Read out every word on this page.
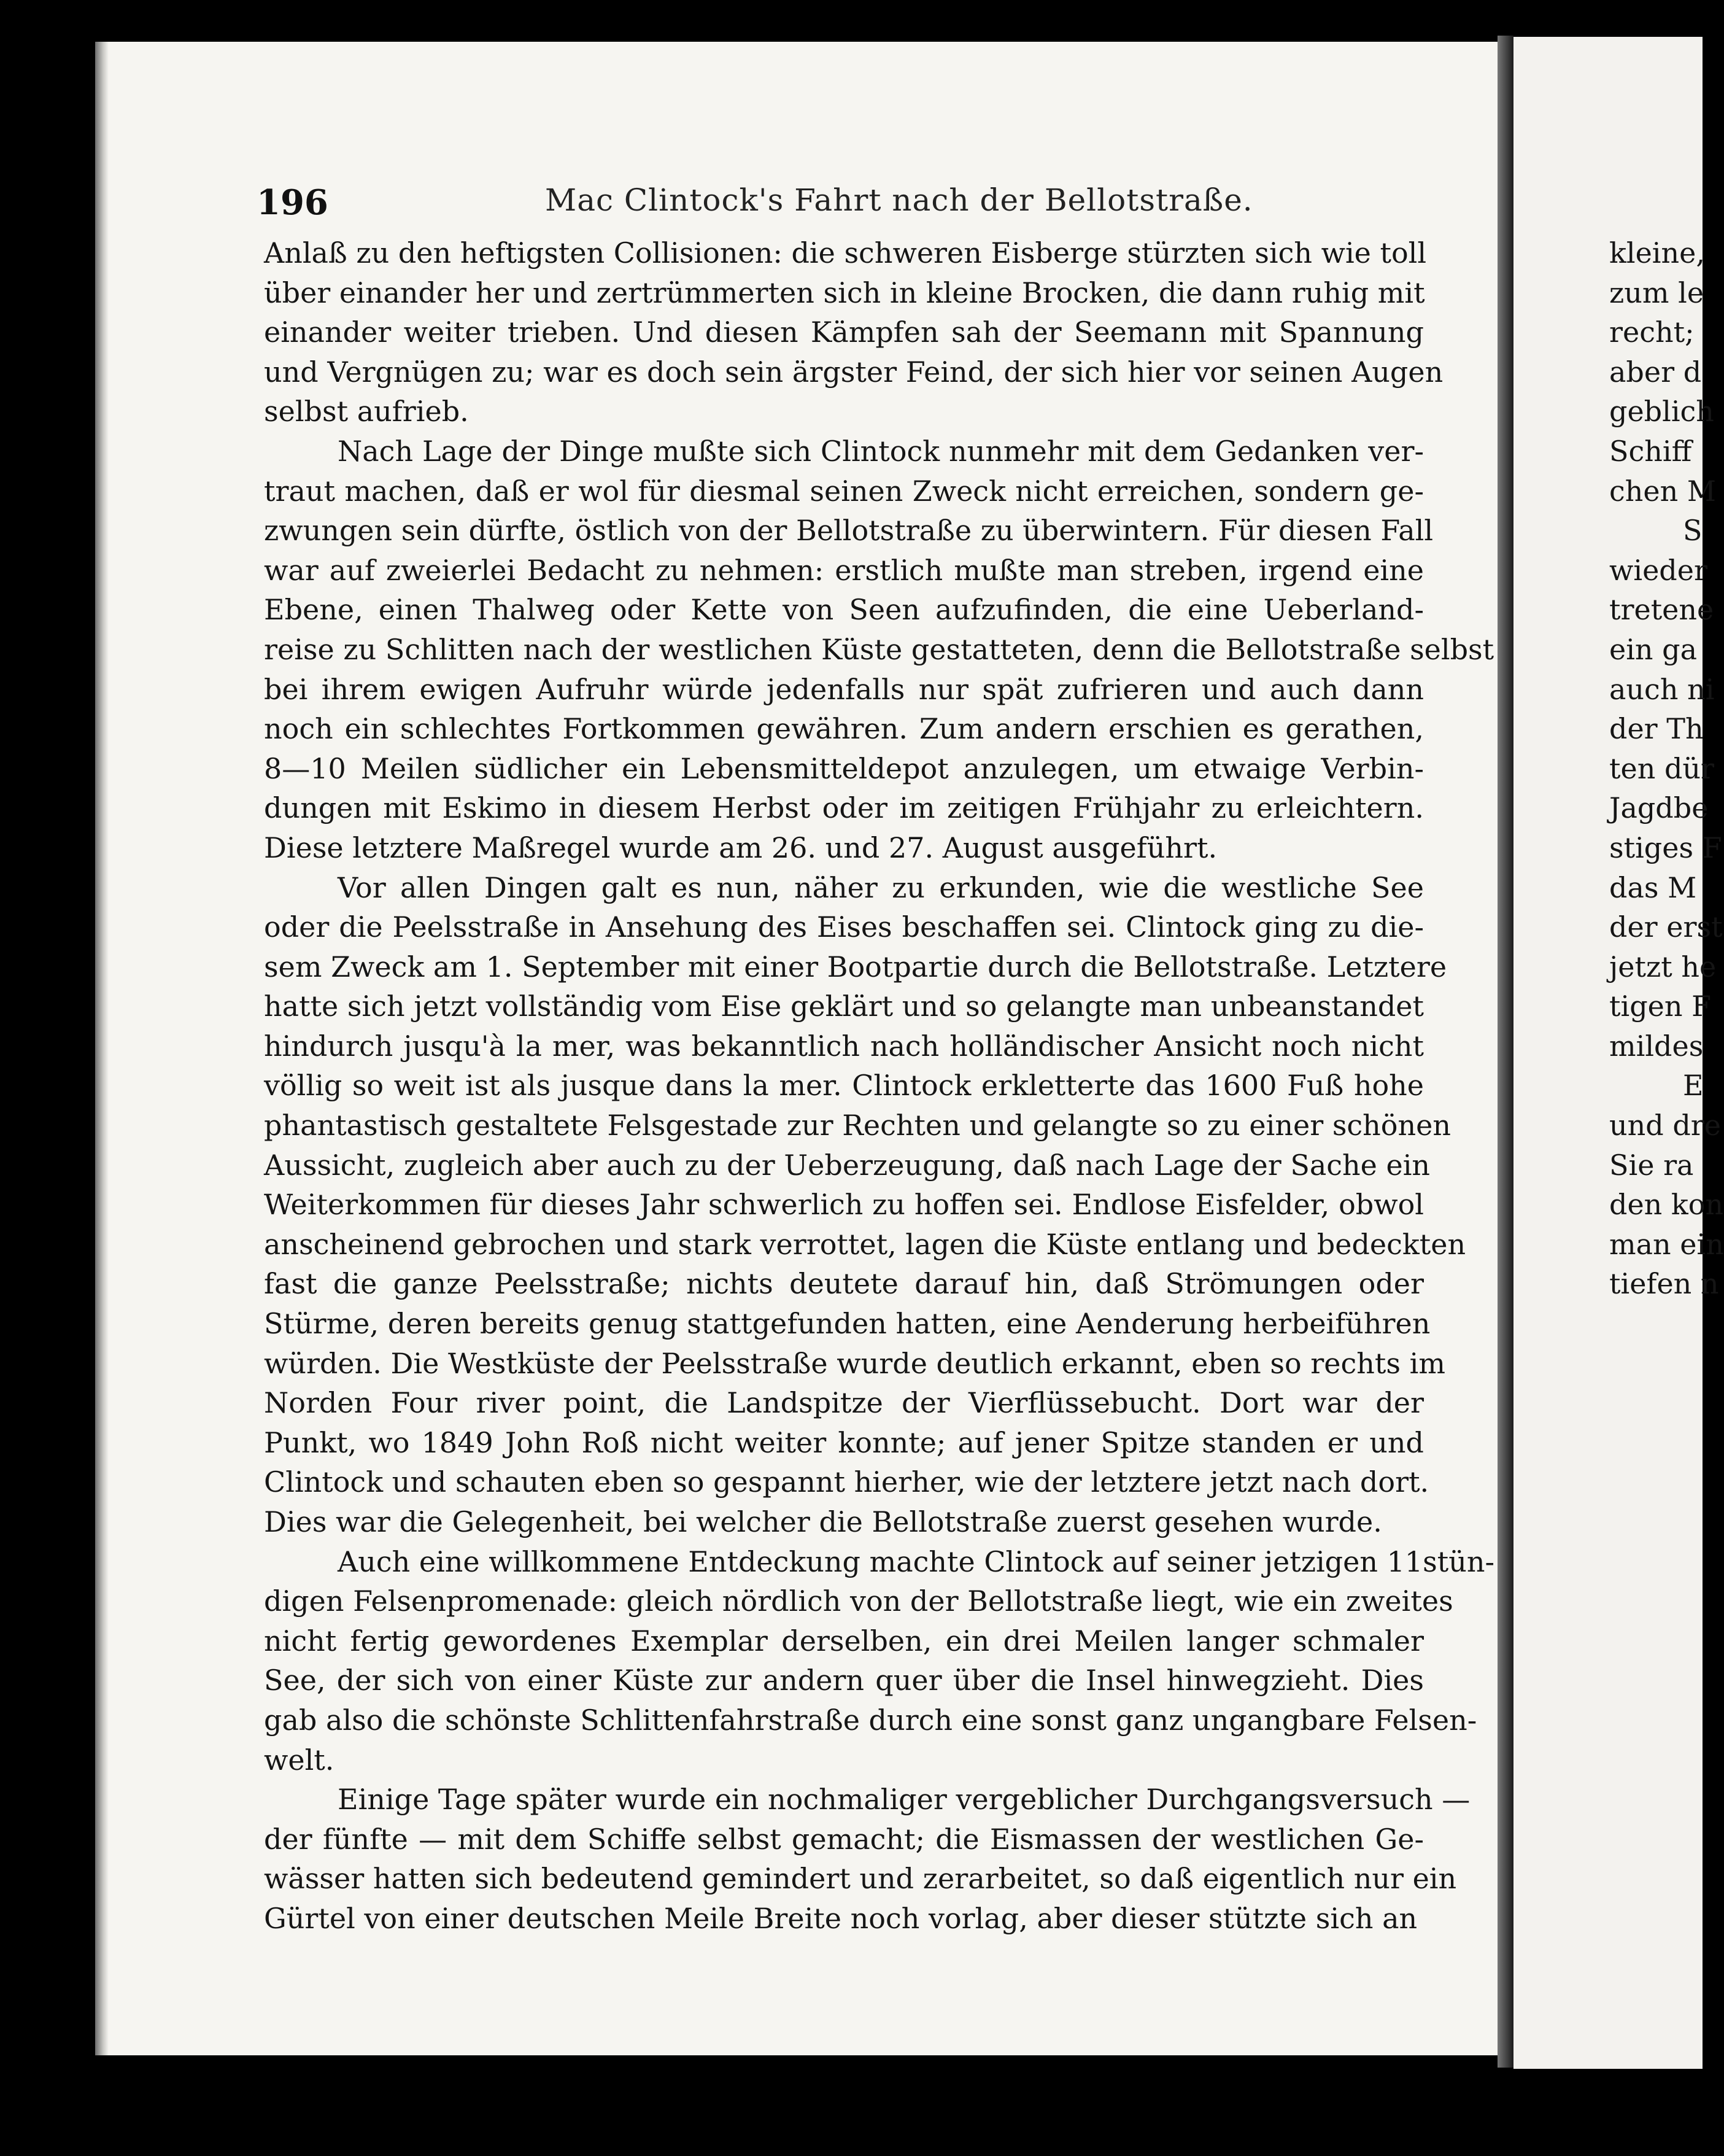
196	Mac Clintock's Fahrt nach der Bellotstraße.
Anlaß zu den heftigsten Collisionen: die schweren Eisberge stürzten sich wie toll
über einander her und zertrümmerten sich in kleine Brocken, die dann ruhig mit
einander weiter trieben. Und diesen Kämpfen sah der Seemann mit Spannung
und Vergnügen zu; war es doch sein ärgster Feind, der sich hier vor seinen Augen
selbst aufrieb.
Nach Lage der Dinge mußte sich Clintock nunmehr mit dem Gedanken ver-
traut machen, daß er wol für diesmal seinen Zweck nicht erreichen, sondern ge-
zwungen sein dürfte, östlich von der Bellotstraße zu überwintern. Für diesen Fall
war auf zweierlei Bedacht zu nehmen: erstlich mußte man streben, irgend eine
Ebene, einen Thalweg oder Kette von Seen aufzufinden, die eine Ueberland-
reise zu Schlitten nach der westlichen Küste gestatteten, denn die Bellotstraße selbst
bei ihrem ewigen Aufruhr würde jedenfalls nur spät zufrieren und auch dann
noch ein schlechtes Fortkommen gewähren. Zum andern erschien es gerathen,
8—10 Meilen südlicher ein Lebensmitteldepot anzulegen, um etwaige Verbin-
dungen mit Eskimo in diesem Herbst oder im zeitigen Frühjahr zu erleichtern.
Diese letztere Maßregel wurde am 26. und 27. August ausgeführt.
Vor allen Dingen galt es nun, näher zu erkunden, wie die westliche See
oder die Peelsstraße in Ansehung des Eises beschaffen sei. Clintock ging zu die-
sem Zweck am 1. September mit einer Bootpartie durch die Bellotstraße. Letztere
hatte sich jetzt vollständig vom Eise geklärt und so gelangte man unbeanstandet
hindurch jusqu'à la mer, was bekanntlich nach holländischer Ansicht noch nicht
völlig so weit ist als jusque dans la mer. Clintock erkletterte das 1600 Fuß hohe
phantastisch gestaltete Felsgestade zur Rechten und gelangte so zu einer schönen
Aussicht, zugleich aber auch zu der Ueberzeugung, daß nach Lage der Sache ein
Weiterkommen für dieses Jahr schwerlich zu hoffen sei. Endlose Eisfelder, obwol
anscheinend gebrochen und stark verrottet, lagen die Küste entlang und bedeckten
fast die ganze Peelsstraße; nichts deutete darauf hin, daß Strömungen oder
Stürme, deren bereits genug stattgefunden hatten, eine Aenderung herbeiführen
würden. Die Westküste der Peelsstraße wurde deutlich erkannt, eben so rechts im
Norden Four river point, die Landspitze der Vierflüssebucht. Dort war der
Punkt, wo 1849 John Roß nicht weiter konnte; auf jener Spitze standen er und
Clintock und schauten eben so gespannt hierher, wie der letztere jetzt nach dort.
Dies war die Gelegenheit, bei welcher die Bellotstraße zuerst gesehen wurde.
Auch eine willkommene Entdeckung machte Clintock auf seiner jetzigen 11stün-
digen Felsenpromenade: gleich nördlich von der Bellotstraße liegt, wie ein zweites
nicht fertig gewordenes Exemplar derselben, ein drei Meilen langer schmaler
See, der sich von einer Küste zur andern quer über die Insel hinwegzieht. Dies
gab also die schönste Schlittenfahrstraße durch eine sonst ganz ungangbare Felsen-
welt.
Einige Tage später wurde ein nochmaliger vergeblicher Durchgangsversuch —
der fünfte — mit dem Schiffe selbst gemacht; die Eismassen der westlichen Ge-
wässer hatten sich bedeutend gemindert und zerarbeitet, so daß eigentlich nur ein
Gürtel von einer deutschen Meile Breite noch vorlag, aber dieser stützte sich an
kleine,
zum le
recht;
aber d
geblich
Schiff
chen M
S
wieder
tretene
ein ga
auch ni
der Th
ten dür
Jagdbe
stiges F
das M
der erst
jetzt he
tigen F
mildes
E
und dre
Sie ra
den kon
man ein
tiefen n
